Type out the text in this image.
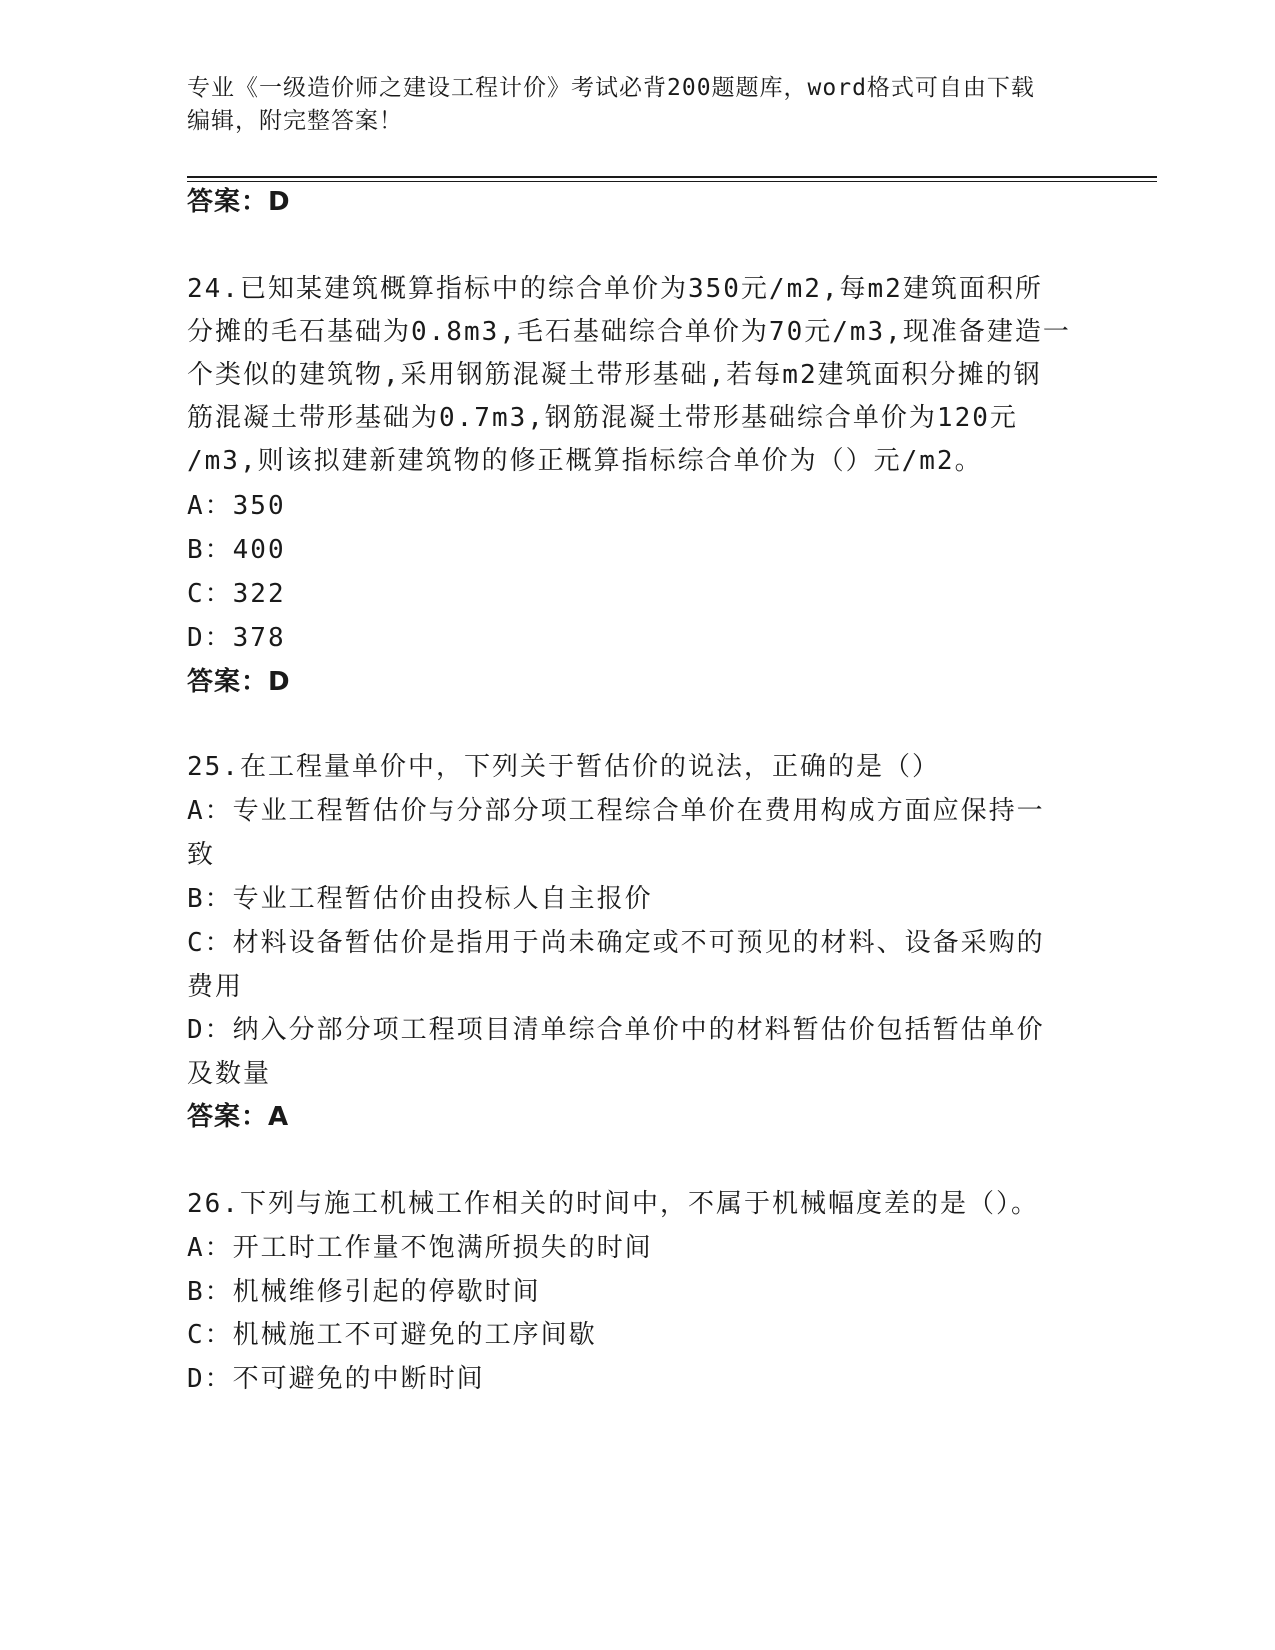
专业《一级造价师之建设工程计价》考试必背200题题库，word格式可自由下载
编辑，附完整答案！
答案：D
24.已知某建筑概算指标中的综合单价为350元/m2,每m2建筑面积所
分摊的毛石基础为0.8m3,毛石基础综合单价为70元/m3,现准备建造一
个类似的建筑物,采用钢筋混凝土带形基础,若每m2建筑面积分摊的钢
筋混凝土带形基础为0.7m3,钢筋混凝土带形基础综合单价为120元
/m3,则该拟建新建筑物的修正概算指标综合单价为（）元/m2。
A：350
B：400
C：322
D：378
答案：D
25.在工程量单价中，下列关于暂估价的说法，正确的是（）
A：专业工程暂估价与分部分项工程综合单价在费用构成方面应保持一
致
B：专业工程暂估价由投标人自主报价
C：材料设备暂估价是指用于尚未确定或不可预见的材料、设备采购的
费用
D：纳入分部分项工程项目清单综合单价中的材料暂估价包括暂估单价
及数量
答案：A
26.下列与施工机械工作相关的时间中，不属于机械幅度差的是（）。
A：开工时工作量不饱满所损失的时间
B：机械维修引起的停歇时间
C：机械施工不可避免的工序间歇
D：不可避免的中断时间
